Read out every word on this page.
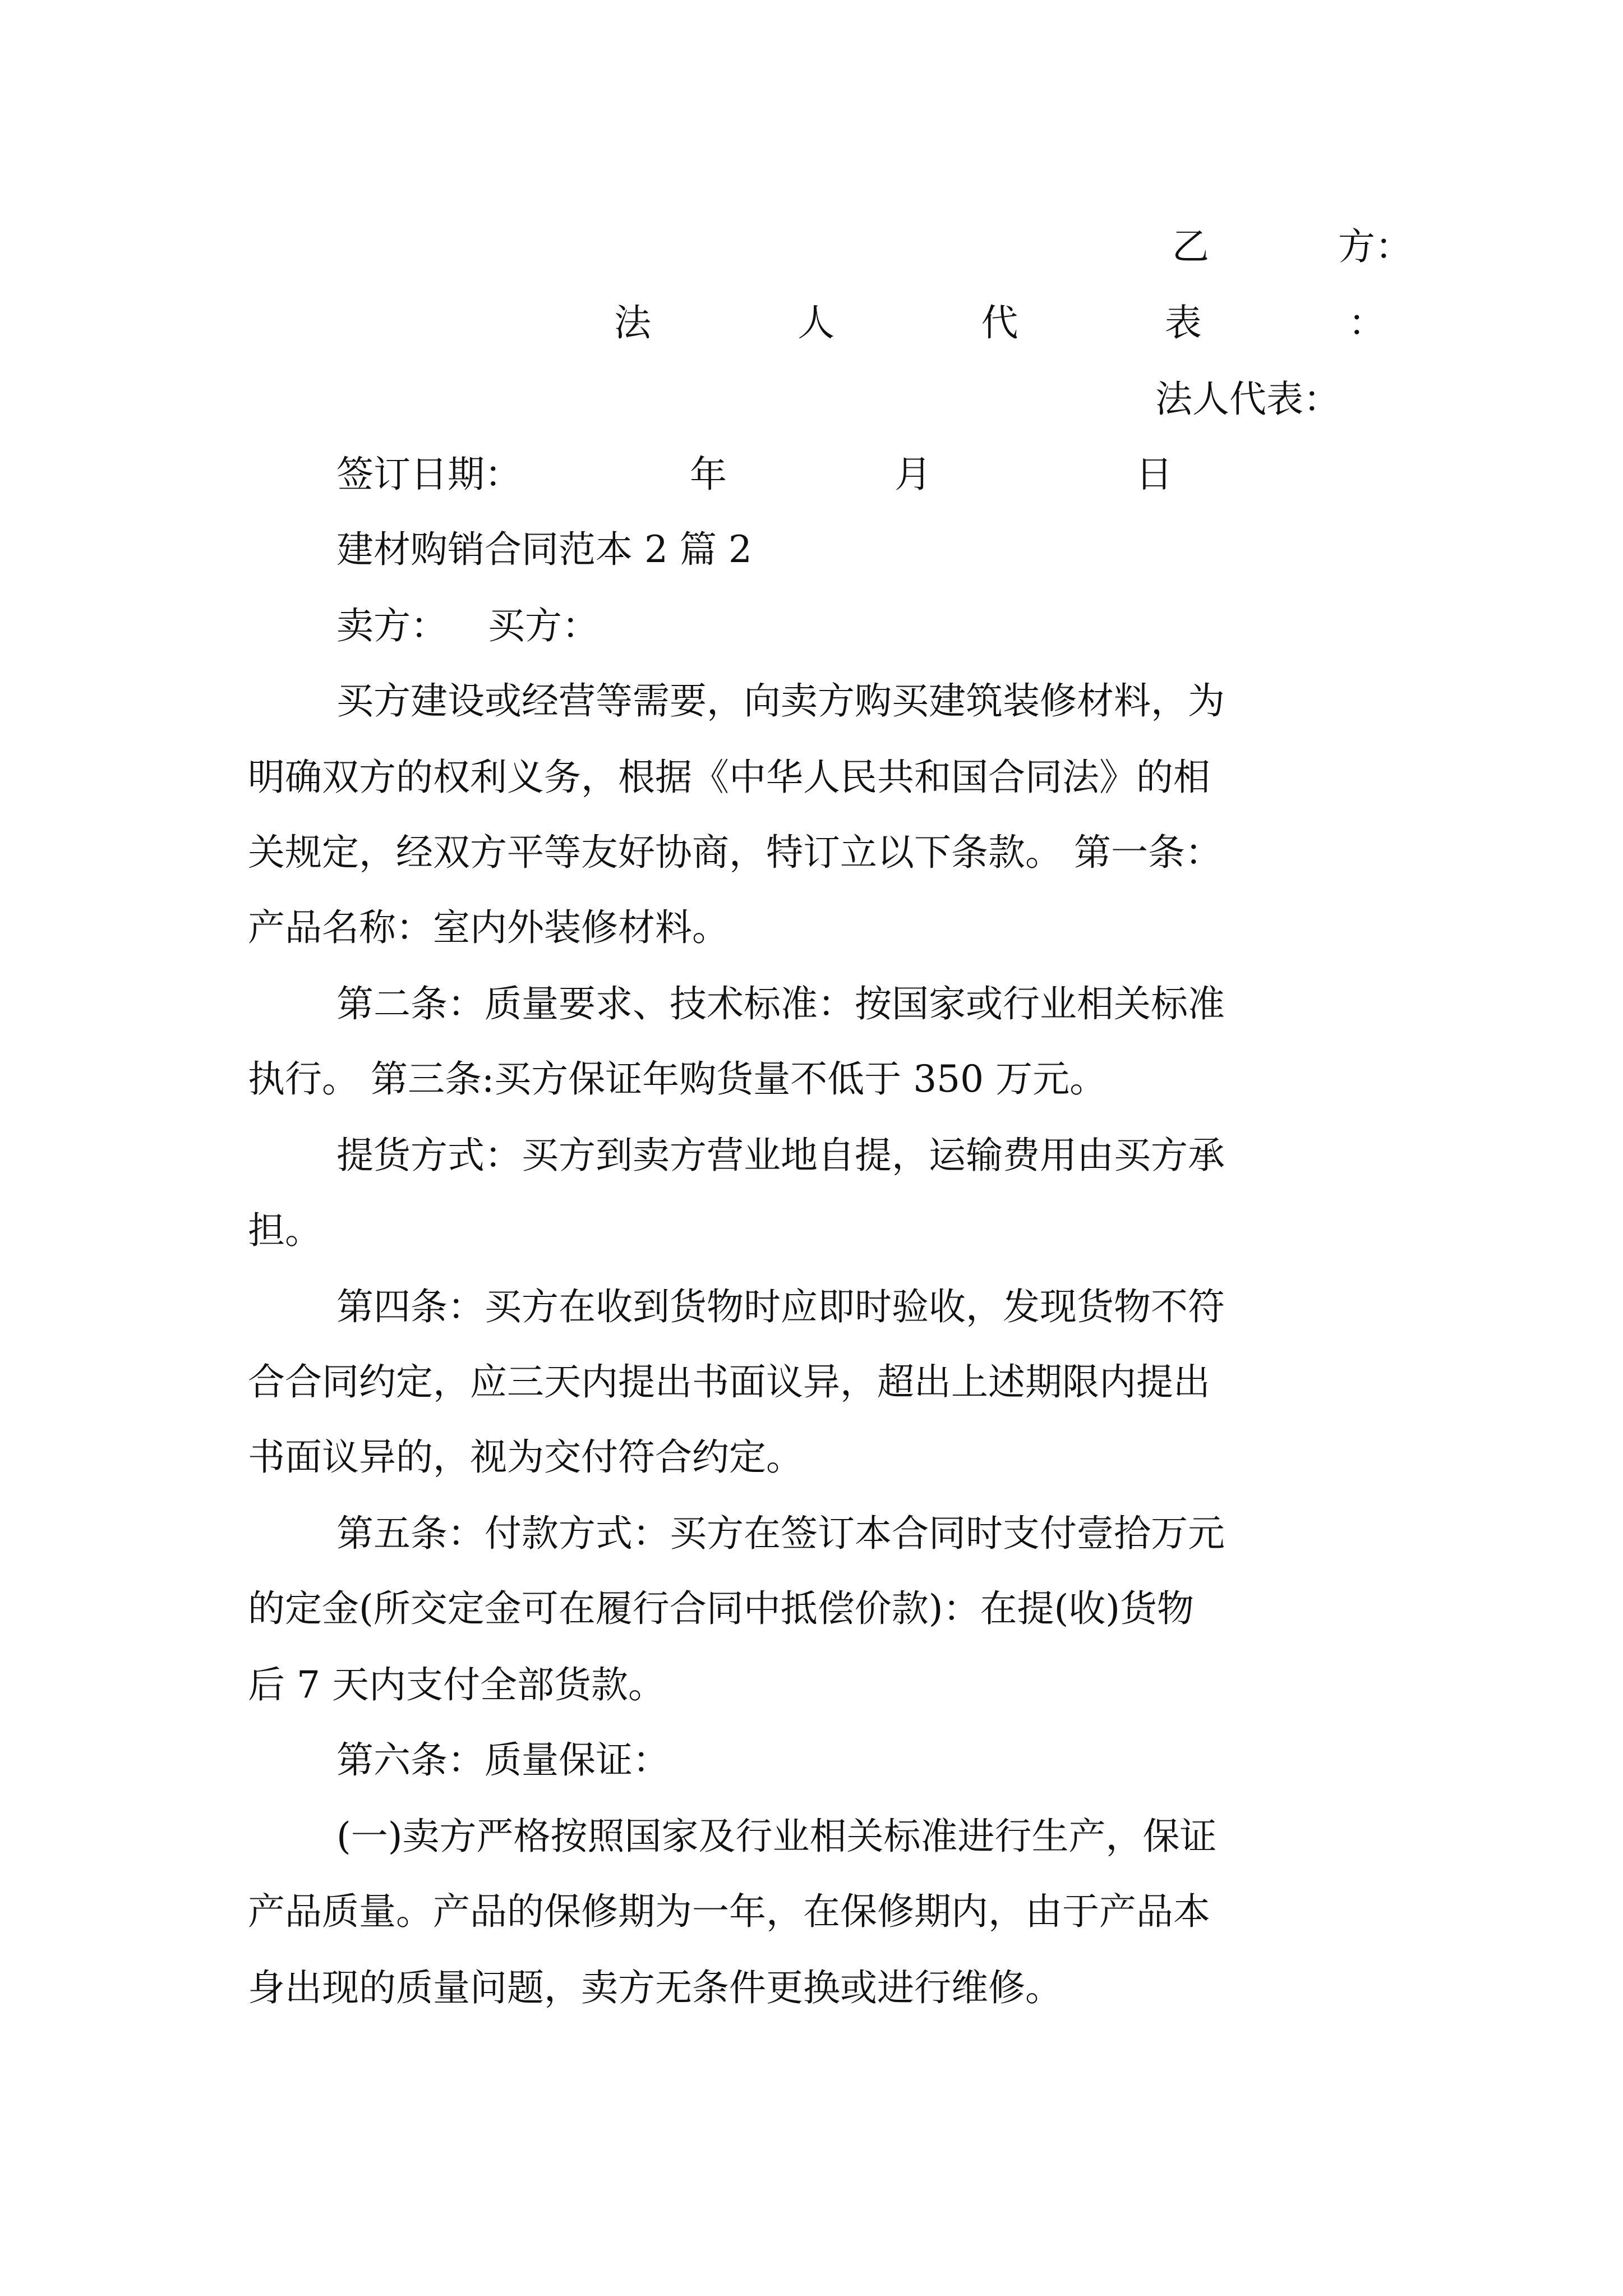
乙	方：
法	人	代	表	：
法人代表：
签订日期：	年	月	日
建材购销合同范本 2 篇 2
卖方： 买方：
买方建设或经营等需要，向卖方购买建筑装修材料，为
明确双方的权利义务，根据《中华人民共和国合同法》的相
关规定，经双方平等友好协商，特订立以下条款。 第一条：
产品名称：室内外装修材料。
第二条：质量要求、技术标准：按国家或行业相关标准
执行。 第三条:买方保证年购货量不低于 350 万元。
提货方式：买方到卖方营业地自提，运输费用由买方承
担。
第四条：买方在收到货物时应即时验收，发现货物不符
合合同约定，应三天内提出书面议异，超出上述期限内提出
书面议异的，视为交付符合约定。
第五条：付款方式：买方在签订本合同时支付壹拾万元
的定金(所交定金可在履行合同中抵偿价款)：在提(收)货物
后 7 天内支付全部货款。
第六条：质量保证：
(一)卖方严格按照国家及行业相关标准进行生产，保证
产品质量。产品的保修期为一年，在保修期内，由于产品本
身出现的质量问题，卖方无条件更换或进行维修。
